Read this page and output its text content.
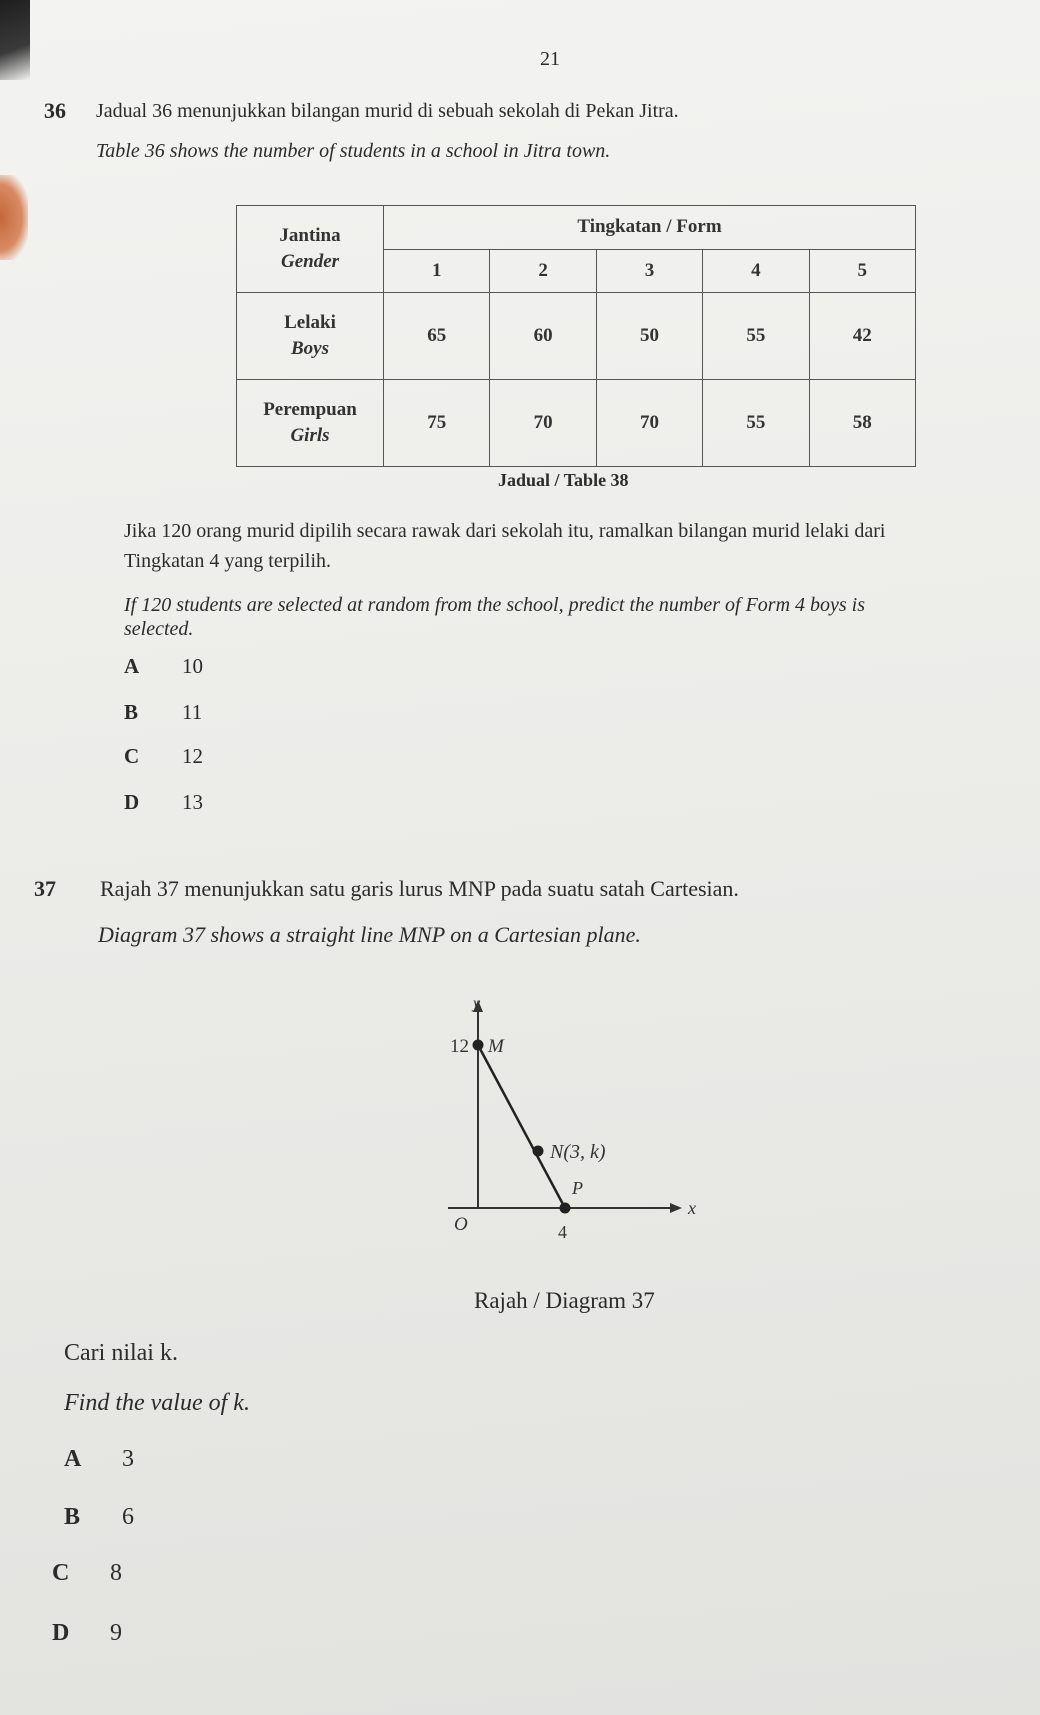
21
36 Jadual 36 menunjukkan bilangan murid di sebuah sekolah di Pekan Jitra.
Table 36 shows the number of students in a school in Jitra town.
Jantina
Gender	Tingkatan / Form				
	1	2	3	4	5

Lelaki
Boys	65	60	50	55	42

Perempuan
Girls	75	70	70	55	58
Jadual / Table 38
Jika 120 orang murid dipilih secara rawak dari sekolah itu, ramalkan bilangan murid lelaki dari
Tingkatan 4 yang terpilih.
If 120 students are selected at random from the school, predict the number of Form 4 boys is
selected.
A 10
B 11
C 12
D 13
37 Rajah 37 menunjukkan satu garis lurus MNP pada suatu satah Cartesian.
Diagram 37 shows a straight line MNP on a Cartesian plane.
y
12 M
N(3, k)
P
O	4
x
Rajah / Diagram 37
Cari nilai k.
Find the value of k.
A 3
B 6
C 8
D 9
